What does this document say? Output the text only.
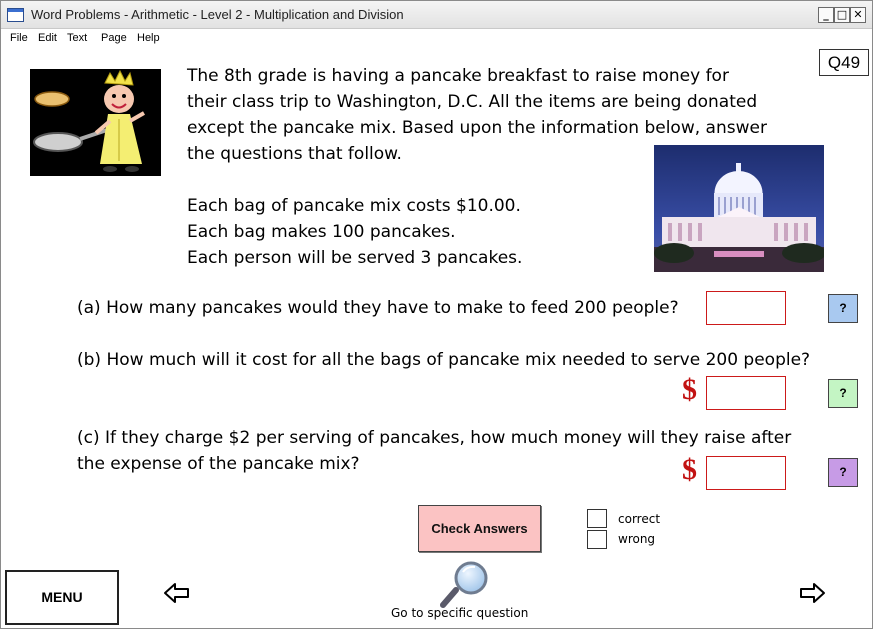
Word Problems - Arithmetic - Level 2 - Multiplication and Division	_ □ ✕
File Edit Text Page Help
Q49
The 8th grade is having a pancake breakfast to raise money for
their class trip to Washington, D.C. All the items are being donated
except the pancake mix. Based upon the information below, answer
the questions that follow.
Each bag of pancake mix costs $10.00.
Each bag makes 100 pancakes.
Each person will be served 3 pancakes.
(a) How many pancakes would they have to make to feed 200 people?	?
(b) How much will it cost for all the bags of pancake mix needed to serve 200 people?
$	?
(c) If they charge $2 per serving of pancakes, how much money will they raise after
the expense of the pancake mix?	$	?
Check Answers
correct
wrong
MENU
Go to specific question
